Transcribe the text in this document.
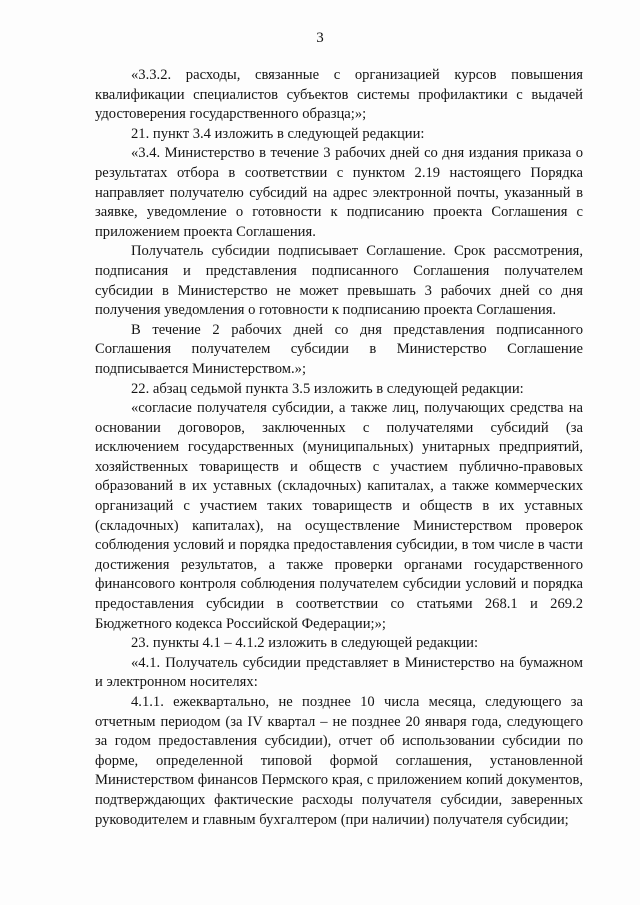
3

«3.3.2. расходы, связанные с организацией курсов повышения квалификации специалистов субъектов системы профилактики с выдачей удостоверения государственного образца;»;

21. пункт 3.4 изложить в следующей редакции:

«3.4. Министерство в течение 3 рабочих дней со дня издания приказа о результатах отбора в соответствии с пунктом 2.19 настоящего Порядка направляет получателю субсидий на адрес электронной почты, указанный в заявке, уведомление о готовности к подписанию проекта Соглашения с приложением проекта Соглашения.

Получатель субсидии подписывает Соглашение. Срок рассмотрения, подписания и представления подписанного Соглашения получателем субсидии в Министерство не может превышать 3 рабочих дней со дня получения уведомления о готовности к подписанию проекта Соглашения.

В течение 2 рабочих дней со дня представления подписанного Соглашения получателем субсидии в Министерство Соглашение подписывается Министерством.»;

22. абзац седьмой пункта 3.5 изложить в следующей редакции:

«согласие получателя субсидии, а также лиц, получающих средства на основании договоров, заключенных с получателями субсидий (за исключением государственных (муниципальных) унитарных предприятий, хозяйственных товариществ и обществ с участием публично-правовых образований в их уставных (складочных) капиталах, а также коммерческих организаций с участием таких товариществ и обществ в их уставных (складочных) капиталах), на осуществление Министерством проверок соблюдения условий и порядка предоставления субсидии, в том числе в части достижения результатов, а также проверки органами государственного финансового контроля соблюдения получателем субсидии условий и порядка предоставления субсидии в соответствии со статьями 268.1 и 269.2 Бюджетного кодекса Российской Федерации;»;

23. пункты 4.1 – 4.1.2 изложить в следующей редакции:

«4.1. Получатель субсидии представляет в Министерство на бумажном и электронном носителях:

4.1.1. ежеквартально, не позднее 10 числа месяца, следующего за отчетным периодом (за IV квартал – не позднее 20 января года, следующего за годом предоставления субсидии), отчет об использовании субсидии по форме, определенной типовой формой соглашения, установленной Министерством финансов Пермского края, с приложением копий документов, подтверждающих фактические расходы получателя субсидии, заверенных руководителем и главным бухгалтером (при наличии) получателя субсидии;
